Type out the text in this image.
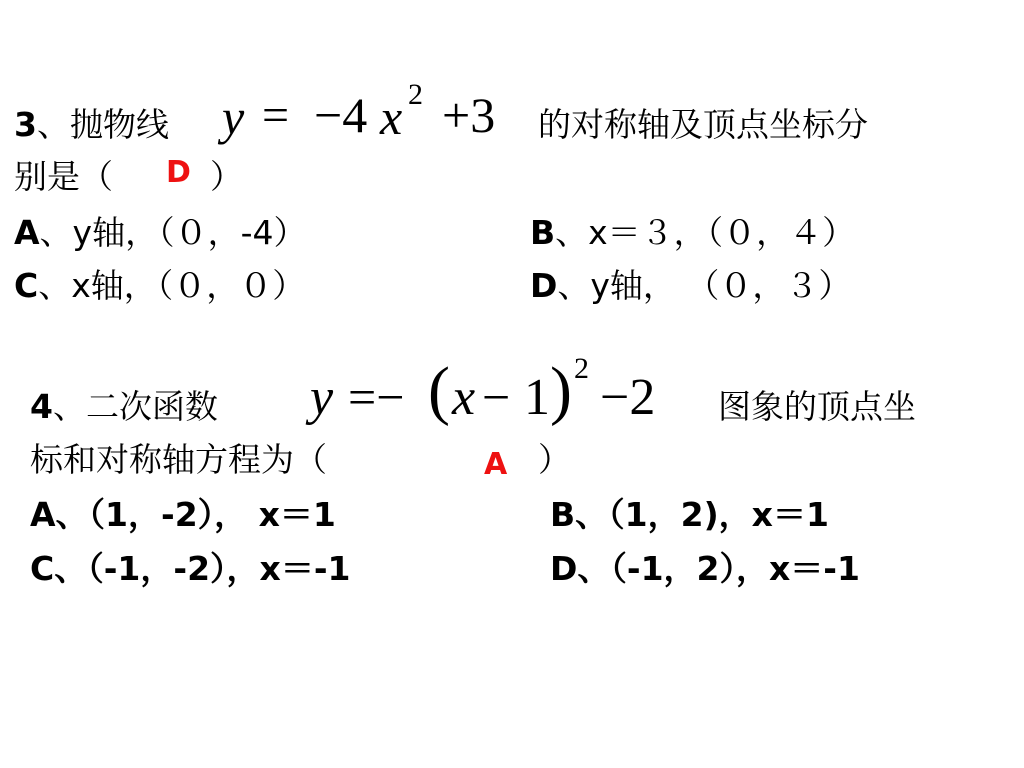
3、抛物线 y = −4 x 2 +3 的对称轴及顶点坐标分
别是（ D ）
A、y轴，（０，-4）	B、x＝３，（０，４）
C、x轴，（０，０）	D、y轴， （０，３）
4、二次函数 y =− ( x − 1 ) 2
−2 图象的顶点坐
标和对称轴方程为（	A ）
A、（1，-2）， x＝1	B、（1，2)，x＝1
C、（-1，-2），x＝-1	D、（-1，2），x＝-1
